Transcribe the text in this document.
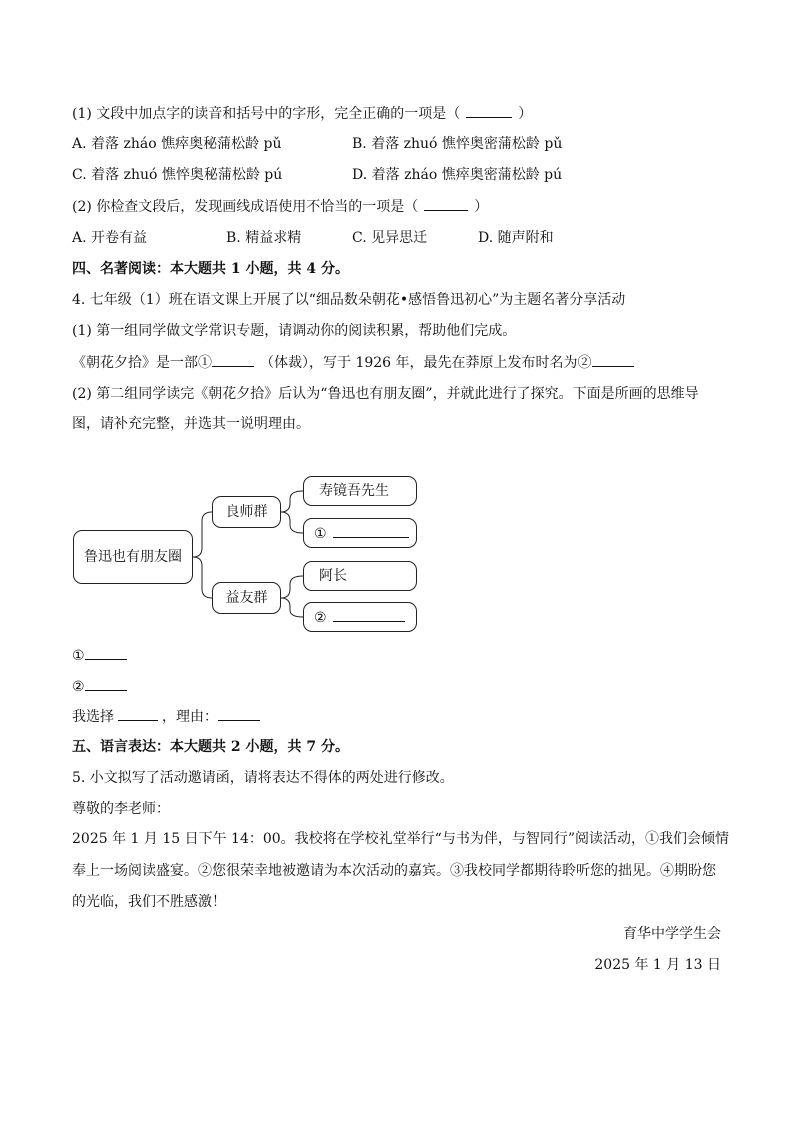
(1) 文段中加点字的读音和括号中的字形，完全正确的一项是（	）
A. 着落 zháo 憔瘁奥秘蒲松龄 pǔ	B. 着落 zhuó 憔悴奥密蒲松龄 pǔ
C. 着落 zhuó 憔悴奥秘蒲松龄 pú	D. 着落 zháo 憔瘁奥密蒲松龄 pú
(2) 你检查文段后，发现画线成语使用不恰当的一项是（	）
A. 开卷有益	B. 精益求精	C. 见异思迁	D. 随声附和
四、名著阅读：本大题共 1 小题，共 4 分。
4. 七年级（1）班在语文课上开展了以“细品数朵朝花•感悟鲁迅初心”为主题名著分享活动
(1) 第一组同学做文学常识专题，请调动你的阅读积累，帮助他们完成。
《朝花夕拾》是一部①	（体裁），写于 1926 年，最先在莽原上发布时名为②
(2) 第二组同学读完《朝花夕拾》后认为“鲁迅也有朋友圈”，并就此进行了探究。下面是所画的思维导
图，请补充完整，并选其一说明理由。
鲁迅也有朋友圈
良师群
益友群
寿镜吾先生
①
阿长
②
①
②
我选择	，理由：
五、语言表达：本大题共 2 小题，共 7 分。
5. 小文拟写了活动邀请函，请将表达不得体的两处进行修改。
尊敬的李老师：
2025 年 1 月 15 日下午 14：00。我校将在学校礼堂举行“与书为伴，与智同行”阅读活动，①我们会倾情
奉上一场阅读盛宴。②您很荣幸地被邀请为本次活动的嘉宾。③我校同学都期待聆听您的拙见。④期盼您
的光临，我们不胜感激！
育华中学学生会
2025 年 1 月 13 日
